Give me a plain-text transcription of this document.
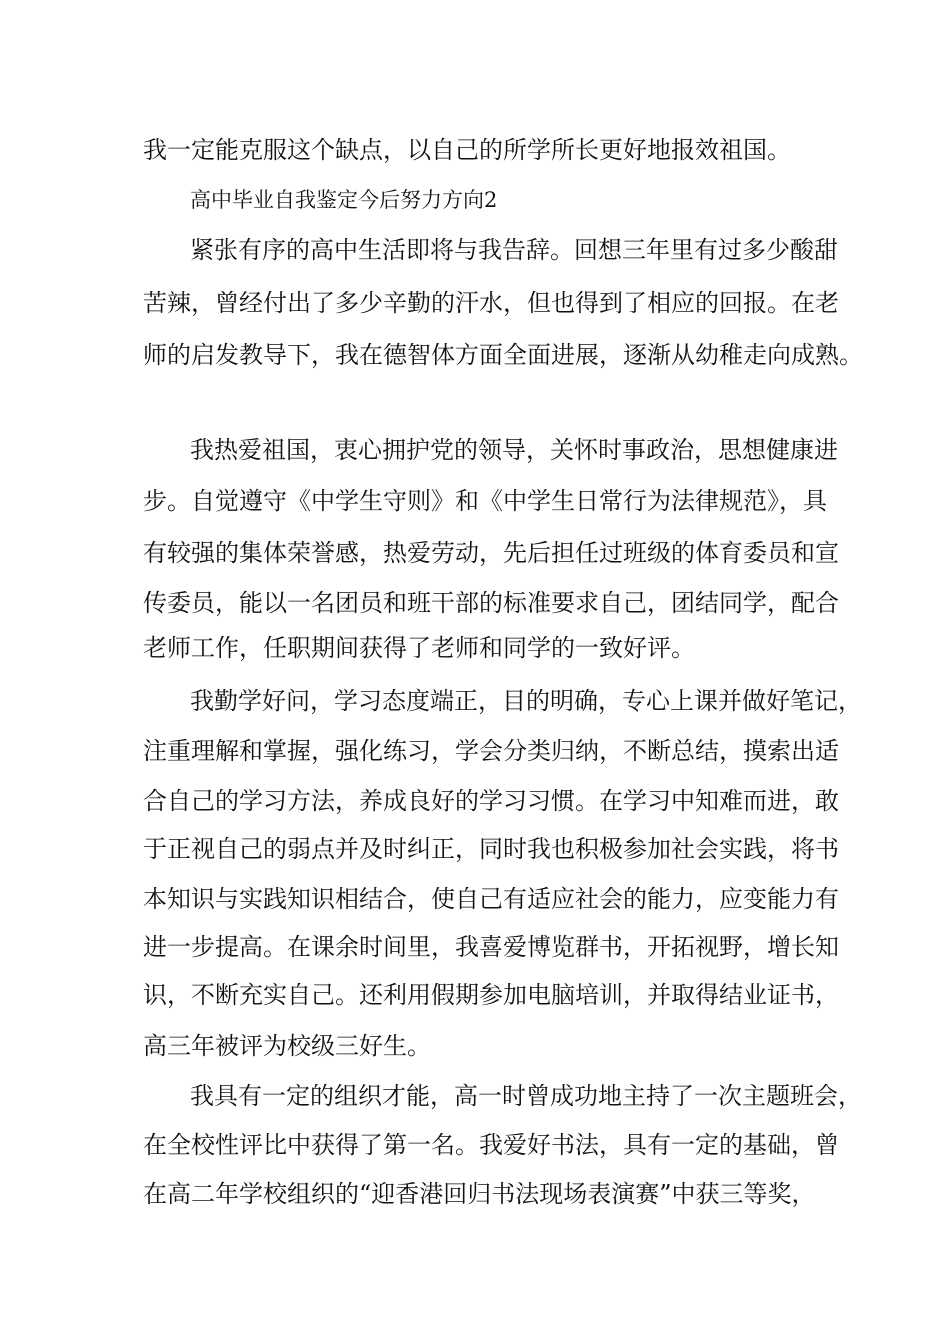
我一定能克服这个缺点，以自己的所学所长更好地报效祖国。
高中毕业自我鉴定今后努力方向2
紧张有序的高中生活即将与我告辞。回想三年里有过多少酸甜
苦辣，曾经付出了多少辛勤的汗水，但也得到了相应的回报。在老
师的启发教导下，我在德智体方面全面进展，逐渐从幼稚走向成熟。
我热爱祖国，衷心拥护党的领导，关怀时事政治，思想健康进
步。自觉遵守《中学生守则》和《中学生日常行为法律规范》，具
有较强的集体荣誉感，热爱劳动，先后担任过班级的体育委员和宣
传委员，能以一名团员和班干部的标准要求自己，团结同学，配合
老师工作，任职期间获得了老师和同学的一致好评。
我勤学好问，学习态度端正，目的明确，专心上课并做好笔记，
注重理解和掌握，强化练习，学会分类归纳，不断总结，摸索出适
合自己的学习方法，养成良好的学习习惯。在学习中知难而进，敢
于正视自己的弱点并及时纠正，同时我也积极参加社会实践，将书
本知识与实践知识相结合，使自己有适应社会的能力，应变能力有
进一步提高。在课余时间里，我喜爱博览群书，开拓视野，增长知
识，不断充实自己。还利用假期参加电脑培训，并取得结业证书，
高三年被评为校级三好生。
我具有一定的组织才能，高一时曾成功地主持了一次主题班会，
在全校性评比中获得了第一名。我爱好书法，具有一定的基础，曾
在高二年学校组织的“迎香港回归书法现场表演赛”中获三等奖，
